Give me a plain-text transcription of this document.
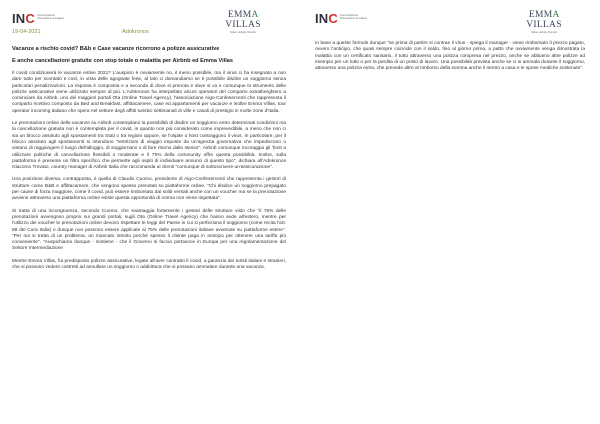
INC Comunicazione Informazione Immagine	EMMA VILLAS
Italian Holiday Rentals
19-04-2021	Adnkronos
Vacanze a rischio covid? B&b e Case vacanze ricorrono a polizze assicurative
E anche cancellazioni gratuite con stop totale o malattia per Airbnb ed Emma Villas

Il covid condizionerà le vacanze estive 2021? L'auspicio è ovviamente no, il meno possibile, ma il virus ci ha insegnato a non dare tutto per scontato e così, in vista delle agognate ferie, al lato ci domandiamo se è possibile disdire un soggiorno senza particolari penalizzazioni. La risposta è composita e a seconda di dove si prenota e dove si va e comunque lo strumento delle polizze assicurative viene utilizzato sempre di più. L'Adnkronos ha interpellato alcuni operatori del comparto extralberghiero a cominciare da Airbnb, uno dei maggiori portali Ota (Online Travel Agency), l'associazione Aigo-Confesercenti che rappresenta il comparto ricettivo composto da Bed and Breakfast, affittacamere, case ed appartamenti per vacanze e inoltre Emma Villas, tour operator incoming italiano che opera nel settore degli affitti turistici settimanali di ville e casali di prestigio in molte zone d'Italia.

Le prenotazioni online delle vacanze su Airbnb contemplano la possibilità di disdire un soggiorno entro determinati condizioni ma la cancellazione gratuita non è contemplata per il covid, in quanto non più considerato come imprevedibile, a meno che non ci sia un blocco assoluto agli spostamenti tra Stati o tra regioni oppure, se l'ospite o host contraggono il virus. In particolare, per il blocco assoluto agli spostamenti si intendono "restrizioni di viaggio imposte da un'agenzia governativa che impediscono o vietano di raggiungere il luogo dell'alloggio, di soggiornarvi o di fare ritorno dallo stesso". Airbnb comunque incoraggia gli 'host a utilizzare politiche di cancellazione flessibili o moderate e il 70% della community offre questa possibilità. Inoltre, sulla piattaforma è presente un filtro specifico che permette agli ospiti di individuare annunci di questo tipo", dichiara all'Adnkronos Giacomo Trovato, country manager di Airbnb Italia che raccomanda ai clienti "comunque di sottoscrivere un'assicurazione".

Una posizione diversa, contrapposta, è quella di Claudio Cuomo, presidente di Aigo-Confesercenti che rappresenta i gestori di strutture come B&B e affittacamere, che vengono spesso prenotati su piattaforme online. "Chi disdice un soggiorno prepagato per cause di forza maggiore, come il covid, può essere rimborsato dai soldi versati anche con un voucher ma se la prenotazione avviene attraverso una piattaforma online esiste questa opportunità di norma non viene rispettata".

Si tratta di una incongruenza, secondo Cuomo, che svantaggia fortemente i gestori delle strutture visto che "il 75% delle prenotazioni avvengono proprio sui grandi portali, sugli Ota (Online Travel Agency) che hanno sede all'estero, mentre per l'utilizzo dei voucher le prenotazioni online devono rispettare le leggi del Paese in cui si perfeziona il soggiorno (come recita l'art. 88 del Cura Italia) e dunque non possono essere applicate al 75% delle prenotazioni italiane avvenute su piattaforme estere". "Per noi si tratta di un problema, un mancato introito perché spesso il cliente paga in anticipo per ottenere una tariffa più conveniente". "Auspichiamo dunque - sostiene - che il Governo si faccia portavoce in Europa per una regolamentazione del Settore Intermediazione

Mentre Emma Villas, ha predisposto polizze assicurative, legate all'aver contratto il covid, a garanzia dei turisti italiani e stranieri, che si possono vedere costretti ad annullare un soggiorno o addirittura che si possano ammalare durante una vacanza.

INC Comunicazione Informazione Immagine	EMMA VILLAS
Italian Holiday Rentals

In base a queste formule dunque "se prima di partire si contrae il virus - spiega il manager - viene rimborsato il prezzo pagato, ovvero l'anticipo, che quasi sempre coincide con il saldo, fino al giorno prima, a patto che ovviamente venga dimostrata la malattia con un certificato sanitario, il tutto attraverso una polizza compresa nel prezzo, anche se abbiamo altre polizze ad esempio per un lutto o per la perdita di un posto di lavoro. Una possibilità prevista anche se ci si ammala durante il soggiorno, attraverso una polizza extra, che prevede altre al rimborso della somma anche il rientro a casa e le spese mediche sostenute".
